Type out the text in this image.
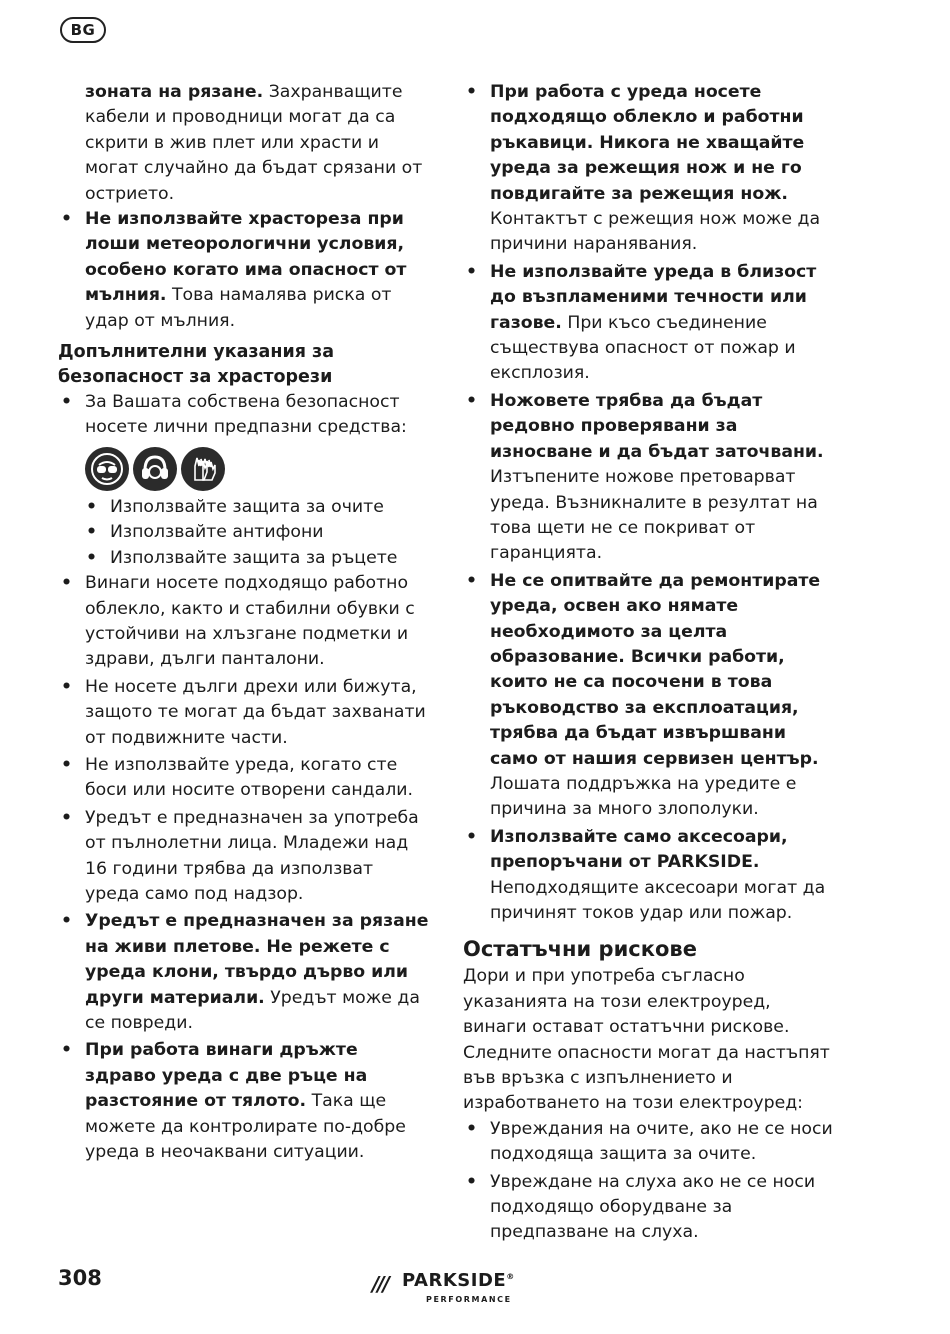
BG

зоната на рязане. Захранващите кабели и проводници могат да са скрити в жив плет или храсти и могат случайно да бъдат срязани от острието.

• Не използвайте храстореза при лоши метеорологични условия, особено когато има опасност от мълния. Това намалява риска от удар от мълния.
Допълнителни указания за безопасност за храсторези
• За Вашата собствена безопасност носете лични предпазни средства:
• Използвайте защита за очите
• Използвайте антифони
• Използвайте защита за ръцете
• Винаги носете подходящо работно облекло, както и стабилни обувки с устойчиви на хлъзгане подметки и здрави, дълги панталони.
• Не носете дълги дрехи или бижута, защото те могат да бъдат захванати от подвижните части.
• Не използвайте уреда, когато сте боси или носите отворени сандали.
• Уредът е предназначен за употреба от пълнолетни лица. Младежи над 16 години трябва да използват уреда само под надзор.
• Уредът е предназначен за рязане на живи плетове. Не режете с уреда клони, твърдо дърво или други материали. Уредът може да се повреди.
• При работа винаги дръжте здраво уреда с две ръце на разстояние от тялото. Така ще можете да контролирате по-добре уреда в неочаквани ситуации.
• При работа с уреда носете подходящо облекло и работни ръкавици. Никога не хващайте уреда за режещия нож и не го повдигайте за режещия нож. Контактът с режещия нож може да причини наранявания.
• Не използвайте уреда в близост до възпламеними течности или газове. При късо съединение съществува опасност от пожар и експлозия.
• Ножовете трябва да бъдат редовно проверявани за износване и да бъдат заточвани. Изтъпените ножове претоварват уреда. Възникналите в резултат на това щети не се покриват от гаранцията.
• Не се опитвайте да ремонтирате уреда, освен ако нямате необходимото за целта образование. Всички работи, които не са посочени в това ръководство за експлоатация, трябва да бъдат извършвани само от нашия сервизен център. Лошата поддръжка на уредите е причина за много злополуки.
• Използвайте само аксесоари, препоръчани от PARKSIDE. Неподходящите аксесоари могат да причинят токов удар или пожар.
Остатъчни рискове

Дори и при употреба съгласно указанията на този електроуред, винаги остават остатъчни рискове. Следните опасности могат да настъпят във връзка с изпълнението и изработването на този електроуред:

• Увреждания на очите, ако не се носи подходяща защита за очите.
• Увреждане на слуха ако не се носи подходящо оборудване за предпазване на слуха.
308	/// PARKSIDE®
PERFORMANCE
